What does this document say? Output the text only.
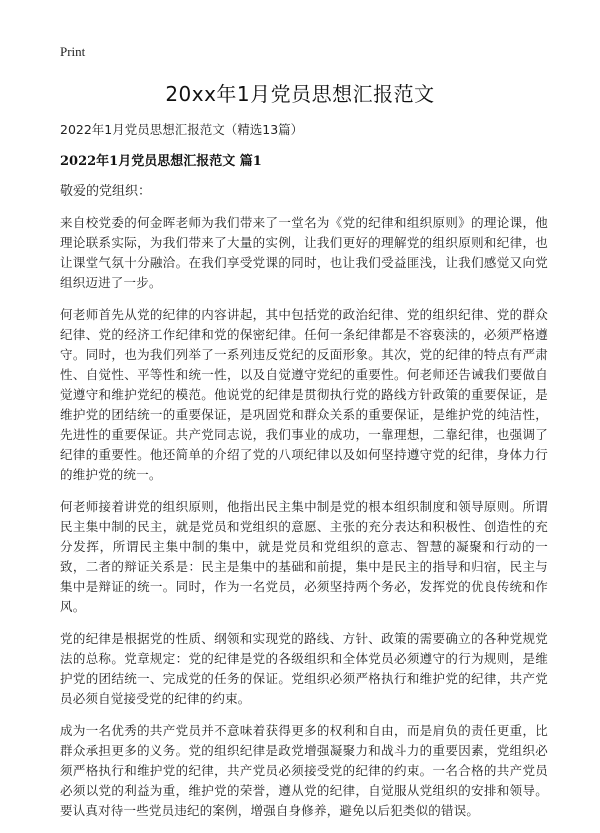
Print
20xx年1月党员思想汇报范文
2022年1月党员思想汇报范文（精选13篇）
2022年1月党员思想汇报范文 篇1
敬爱的党组织：

来自校党委的何金晖老师为我们带来了一堂名为《党的纪律和组织原则》的理论课，他理论联系实际，为我们带来了大量的实例，让我们更好的理解党的组织原则和纪律，也让课堂气氛十分融洽。在我们享受党课的同时，也让我们受益匪浅，让我们感觉又向党组织迈进了一步。

何老师首先从党的纪律的内容讲起，其中包括党的政治纪律、党的组织纪律、党的群众纪律、党的经济工作纪律和党的保密纪律。任何一条纪律都是不容亵渎的，必须严格遵守。同时，也为我们列举了一系列违反党纪的反面形象。其次，党的纪律的特点有严肃性、自觉性、平等性和统一性，以及自觉遵守党纪的重要性。何老师还告诫我们要做自觉遵守和维护党纪的模范。他说党的纪律是贯彻执行党的路线方针政策的重要保证，是维护党的团结统一的重要保证，是巩固党和群众关系的重要保证，是维护党的纯洁性，先进性的重要保证。共产党同志说，我们事业的成功，一靠理想，二靠纪律，也强调了纪律的重要性。他还简单的介绍了党的八项纪律以及如何坚持遵守党的纪律，身体力行的维护党的统一。

何老师接着讲党的组织原则，他指出民主集中制是党的根本组织制度和领导原则。所谓民主集中制的民主，就是党员和党组织的意愿、主张的充分表达和积极性、创造性的充分发挥，所谓民主集中制的集中，就是党员和党组织的意志、智慧的凝聚和行动的一致，二者的辩证关系是：民主是集中的基础和前提，集中是民主的指导和归宿，民主与集中是辩证的统一。同时，作为一名党员，必须坚持两个务必，发挥党的优良传统和作风。

党的纪律是根据党的性质、纲领和实现党的路线、方针、政策的需要确立的各种党规党法的总称。党章规定：党的纪律是党的各级组织和全体党员必须遵守的行为规则，是维护党的团结统一、完成党的任务的保证。党组织必须严格执行和维护党的纪律，共产党员必须自觉接受党的纪律的约束。

成为一名优秀的共产党员并不意味着获得更多的权利和自由，而是肩负的责任更重，比群众承担更多的义务。党的组织纪律是政党增强凝聚力和战斗力的重要因素，党组织必须严格执行和维护党的纪律，共产党员必须接受党的纪律的约束。一名合格的共产党员必须以党的利益为重，维护党的荣誉，遵从党的纪律，自觉服从党组织的安排和领导。要认真对待一些党员违纪的案例，增强自身修养，避免以后犯类似的错误。
